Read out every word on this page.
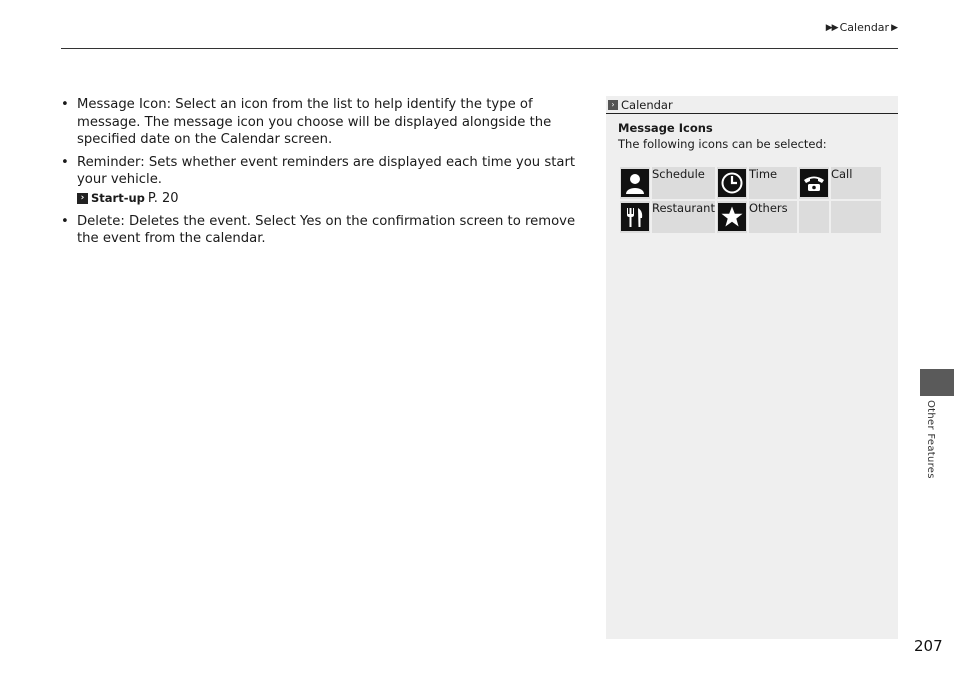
▶▶ Calendar ▶
• Message Icon: Select an icon from the list to help identify the type of message. The message icon you choose will be displayed alongside the specified date on the Calendar screen.
• Reminder: Sets whether event reminders are displayed each time you start your vehicle.
› Start-up P. 20
• Delete: Deletes the event. Select Yes on the confirmation screen to remove the event from the calendar.
› Calendar
Message Icons
The following icons can be selected:
	Schedule		Time		Call

	Restaurant		Others		
Other Features
207
